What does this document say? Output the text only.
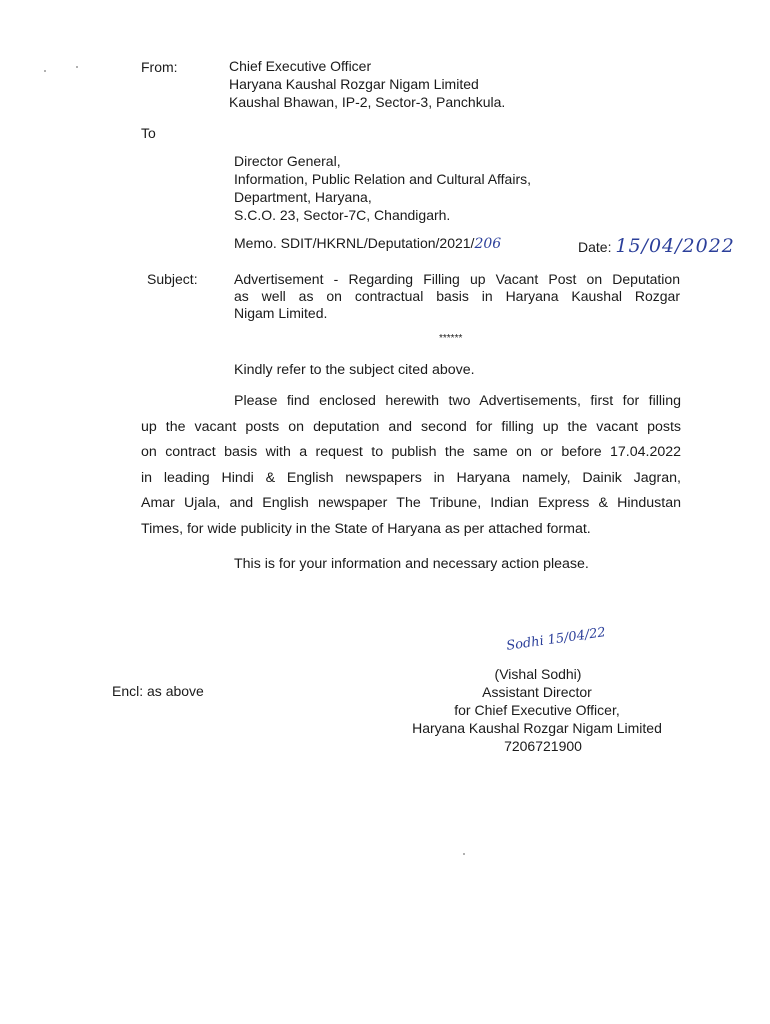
From:	Chief Executive Officer
Haryana Kaushal Rozgar Nigam Limited
Kaushal Bhawan, IP-2, Sector-3, Panchkula.
To
Director General,
Information, Public Relation and Cultural Affairs,
Department, Haryana,
S.C.O. 23, Sector-7C, Chandigarh.
Memo. SDIT/HKRNL/Deputation/2021/206	Date: 15/04/2022
Subject:	Advertisement - Regarding Filling up Vacant Post on Deputation
as well as on contractual basis in Haryana Kaushal Rozgar
Nigam Limited.
******
Kindly refer to the subject cited above.
Please find enclosed herewith two Advertisements, first for filling
up the vacant posts on deputation and second for filling up the vacant posts
on contract basis with a request to publish the same on or before 17.04.2022
in leading Hindi & English newspapers in Haryana namely, Dainik Jagran,
Amar Ujala, and English newspaper The Tribune, Indian Express & Hindustan
Times, for wide publicity in the State of Haryana as per attached format.
This is for your information and necessary action please.
Sodhi 15/04/22
(Vishal Sodhi)
Assistant Director
for Chief Executive Officer,
Haryana Kaushal Rozgar Nigam Limited
7206721900
Encl: as above
